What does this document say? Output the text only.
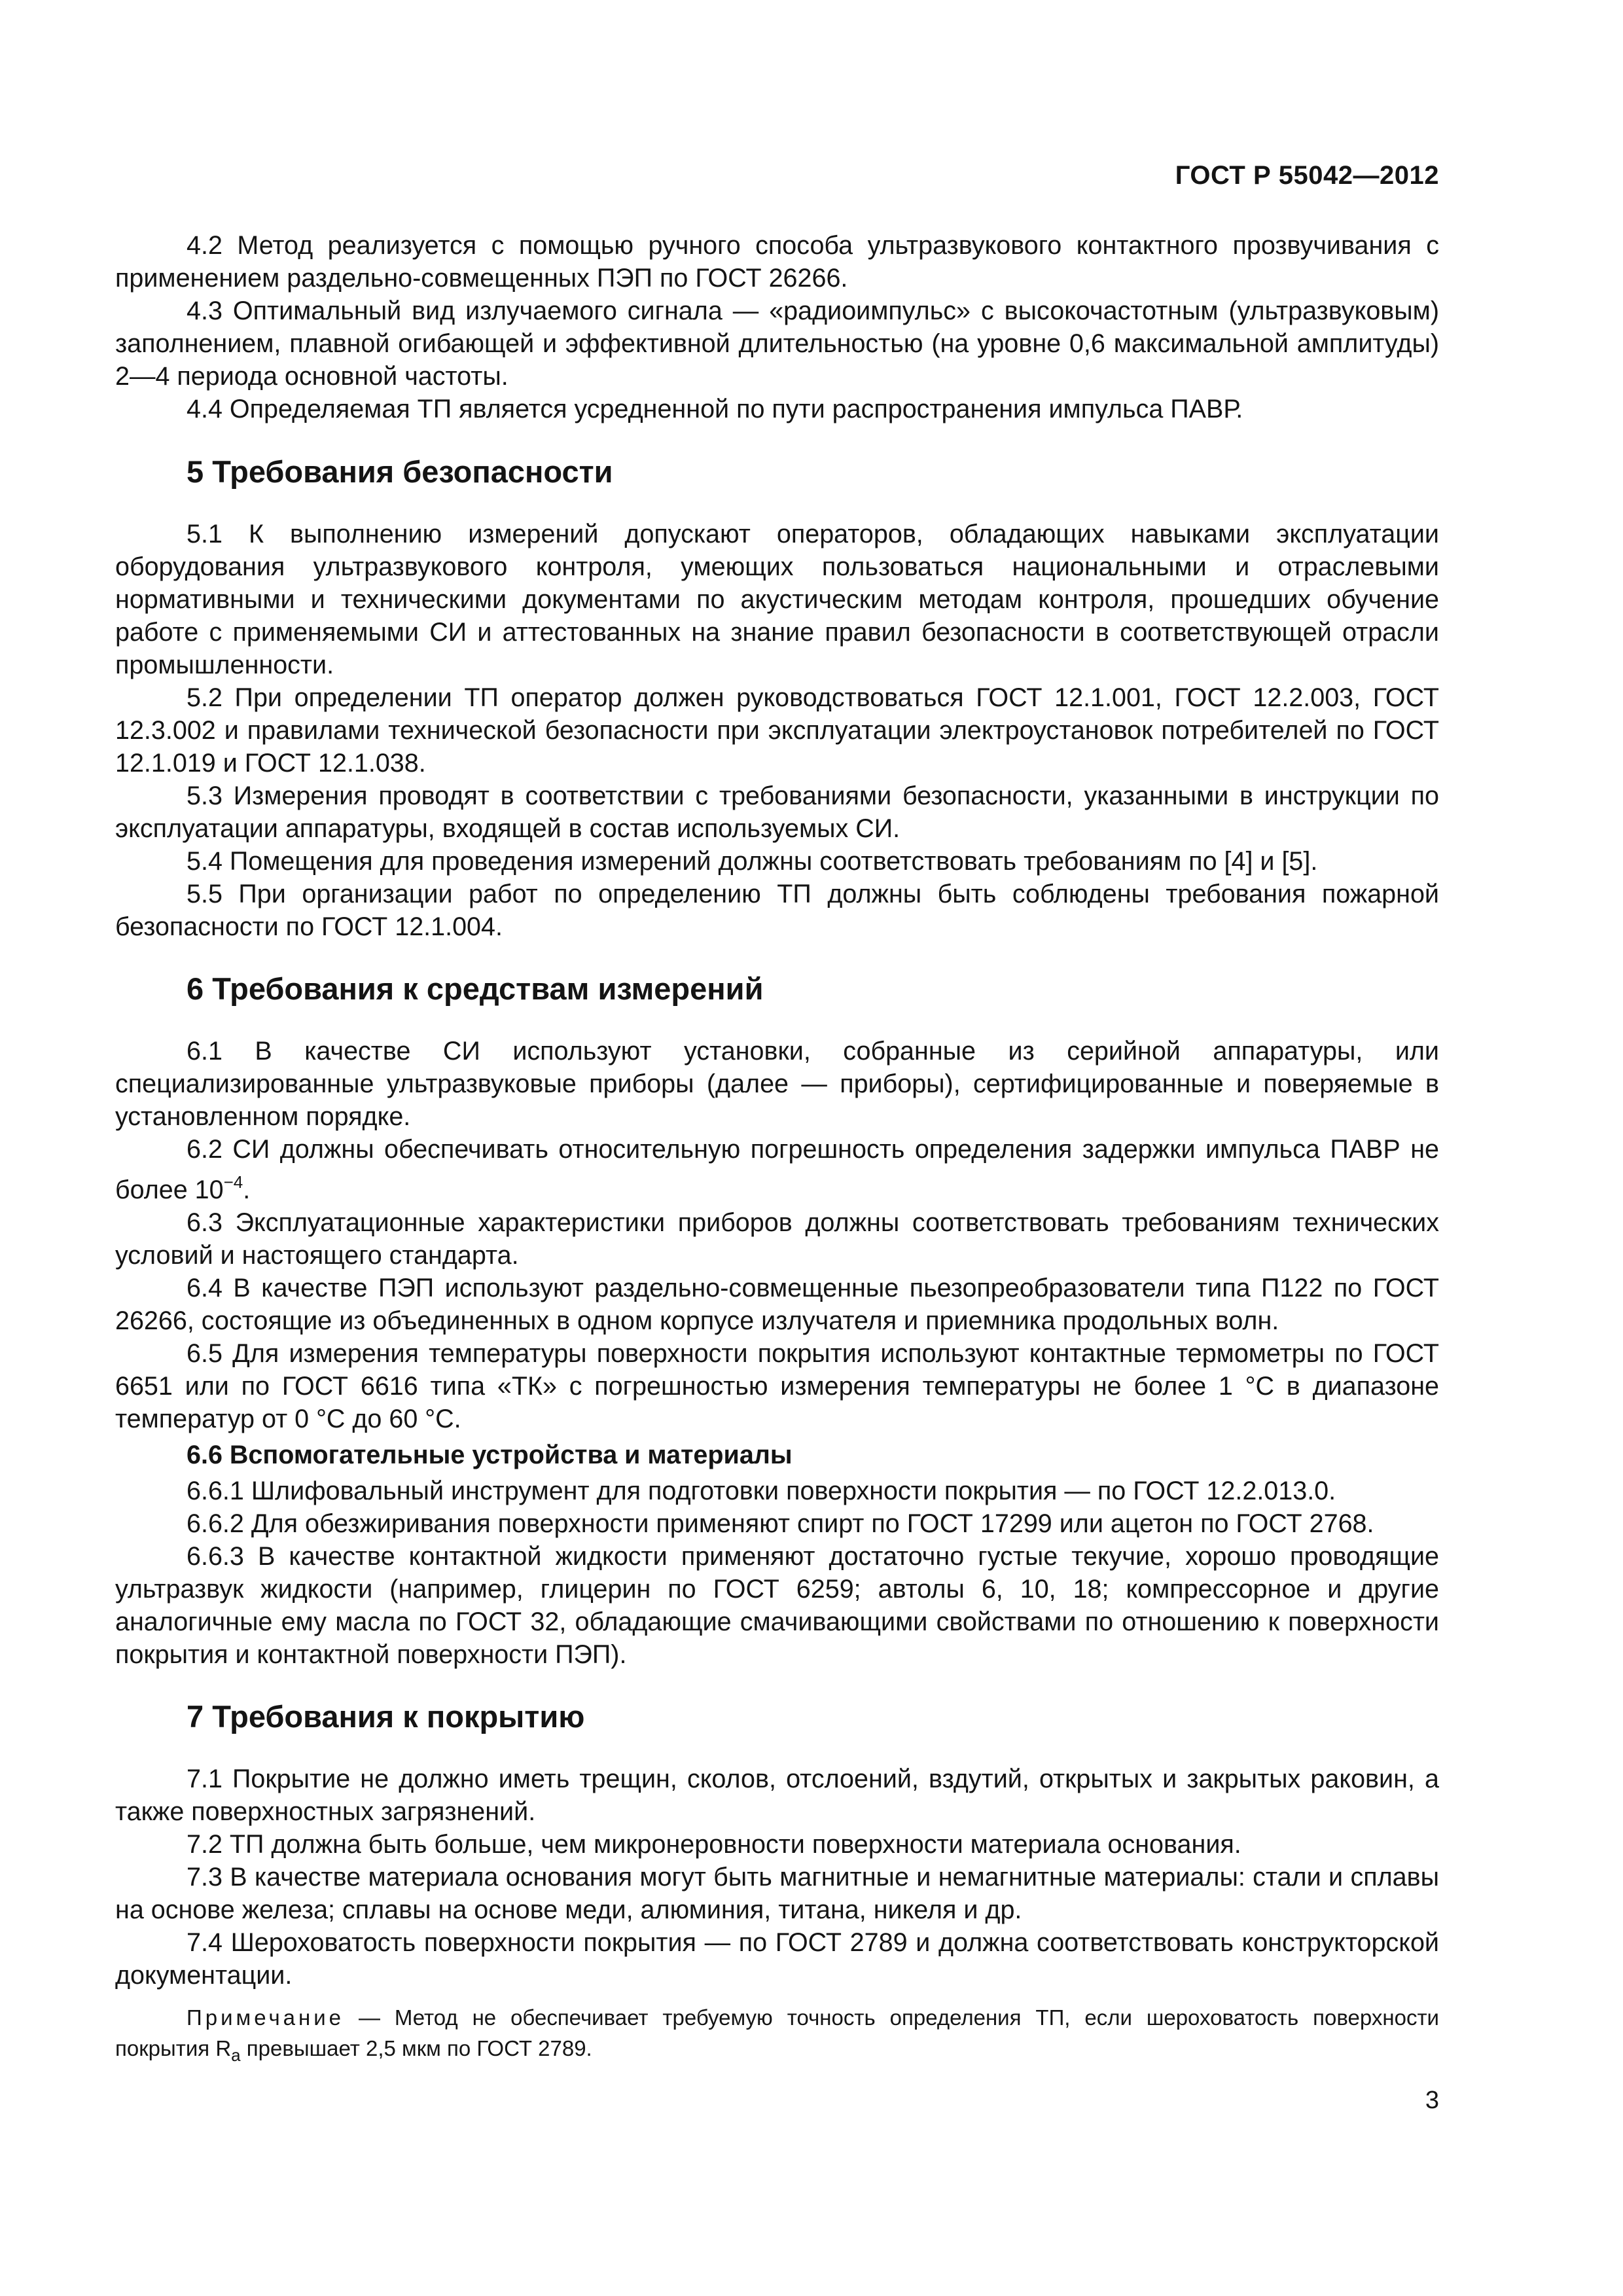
ГОСТ Р 55042—2012

4.2 Метод реализуется с помощью ручного способа ультразвукового контактного прозвучивания с применением раздельно-совмещенных ПЭП по ГОСТ 26266.

4.3 Оптимальный вид излучаемого сигнала — «радиоимпульс» с высокочастотным (ультразвуковым) заполнением, плавной огибающей и эффективной длительностью (на уровне 0,6 максимальной амплитуды) 2—4 периода основной частоты.

4.4 Определяемая ТП является усредненной по пути распространения импульса ПАВР.

5 Требования безопасности

5.1 К выполнению измерений допускают операторов, обладающих навыками эксплуатации оборудования ультразвукового контроля, умеющих пользоваться национальными и отраслевыми нормативными и техническими документами по акустическим методам контроля, прошедших обучение работе с применяемыми СИ и аттестованных на знание правил безопасности в соответствующей отрасли промышленности.

5.2 При определении ТП оператор должен руководствоваться ГОСТ 12.1.001, ГОСТ 12.2.003, ГОСТ 12.3.002 и правилами технической безопасности при эксплуатации электроустановок потребителей по ГОСТ 12.1.019 и ГОСТ 12.1.038.

5.3 Измерения проводят в соответствии с требованиями безопасности, указанными в инструкции по эксплуатации аппаратуры, входящей в состав используемых СИ.

5.4 Помещения для проведения измерений должны соответствовать требованиям по [4] и [5].

5.5 При организации работ по определению ТП должны быть соблюдены требования пожарной безопасности по ГОСТ 12.1.004.

6 Требования к средствам измерений

6.1 В качестве СИ используют установки, собранные из серийной аппаратуры, или специализированные ультразвуковые приборы (далее — приборы), сертифицированные и поверяемые в установленном порядке.

6.2 СИ должны обеспечивать относительную погрешность определения задержки импульса ПАВР не более $10^{-4}$.

6.3 Эксплуатационные характеристики приборов должны соответствовать требованиям технических условий и настоящего стандарта.

6.4 В качестве ПЭП используют раздельно-совмещенные пьезопреобразователи типа П122 по ГОСТ 26266, состоящие из объединенных в одном корпусе излучателя и приемника продольных волн.

6.5 Для измерения температуры поверхности покрытия используют контактные термометры по ГОСТ 6651 или по ГОСТ 6616 типа «ТК» с погрешностью измерения температуры не более 1 °С в диапазоне температур от 0 °С до 60 °С.

6.6 Вспомогательные устройства и материалы

6.6.1 Шлифовальный инструмент для подготовки поверхности покрытия — по ГОСТ 12.2.013.0.

6.6.2 Для обезжиривания поверхности применяют спирт по ГОСТ 17299 или ацетон по ГОСТ 2768.

6.6.3 В качестве контактной жидкости применяют достаточно густые текучие, хорошо проводящие ультразвук жидкости (например, глицерин по ГОСТ 6259; автолы 6, 10, 18; компрессорное и другие аналогичные ему масла по ГОСТ 32, обладающие смачивающими свойствами по отношению к поверхности покрытия и контактной поверхности ПЭП).

7 Требования к покрытию

7.1 Покрытие не должно иметь трещин, сколов, отслоений, вздутий, открытых и закрытых раковин, а также поверхностных загрязнений.

7.2 ТП должна быть больше, чем микронеровности поверхности материала основания.

7.3 В качестве материала основания могут быть магнитные и немагнитные материалы: стали и сплавы на основе железа; сплавы на основе меди, алюминия, титана, никеля и др.

7.4 Шероховатость поверхности покрытия — по ГОСТ 2789 и должна соответствовать конструкторской документации.

Примечание — Метод не обеспечивает требуемую точность определения ТП, если шероховатость поверхности покрытия $R_a$ превышает 2,5 мкм по ГОСТ 2789.

3
